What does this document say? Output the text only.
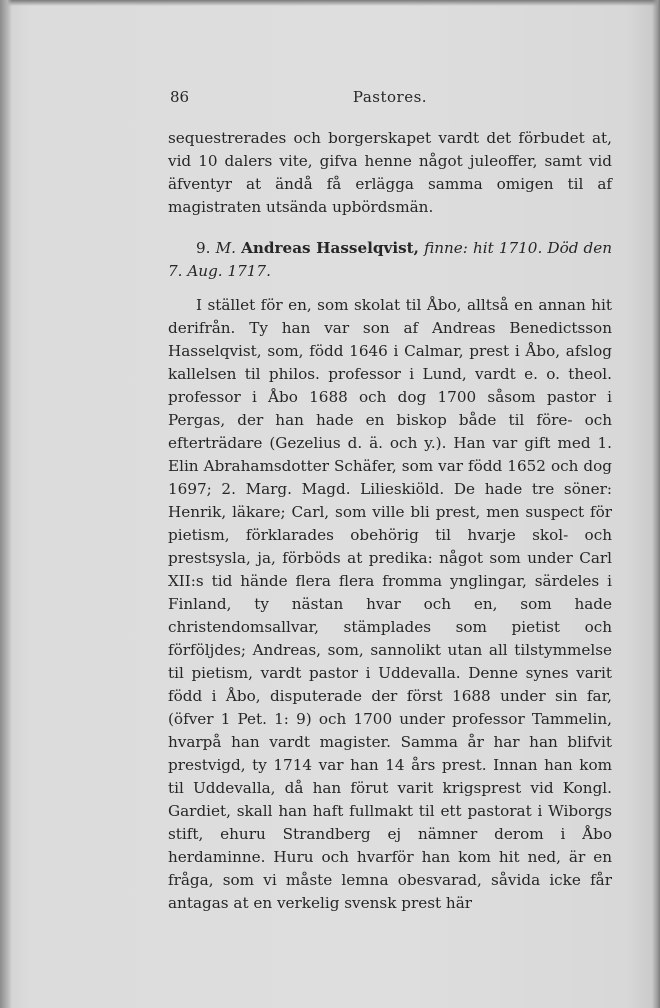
86	Pastores.

sequestrerades och borgerskapet vardt det förbudet at, vid 10 dalers vite, gifva henne något juleoffer, samt vid äfventyr at ändå få erlägga samma omigen til af magistraten utsända upbördsmän.

9. M. Andreas Hasselqvist, finne: hit 1710. Död den 7. Aug. 1717.

I stället för en, som skolat til Åbo, alltså en annan hit derifrån. Ty han var son af Andreas Benedictsson Hasselqvist, som, född 1646 i Calmar, prest i Åbo, afslog kallelsen til philos. professor i Lund, vardt e. o. theol. professor i Åbo 1688 och dog 1700 såsom pastor i Pergas, der han hade en biskop både til före- och efterträdare (Gezelius d. ä. och y.). Han var gift med 1. Elin Abrahamsdotter Schäfer, som var född 1652 och dog 1697; 2. Marg. Magd. Lilieskiöld. De hade tre söner: Henrik, läkare; Carl, som ville bli prest, men suspect för pietism, förklarades obehörig til hvarje skol- och prestsysla, ja, förböds at predika: något som under Carl XII:s tid hände flera flera fromma ynglingar, särdeles i Finland, ty nästan hvar och en, som hade christendomsallvar, stämplades som pietist och förföljdes; Andreas, som, sannolikt utan all tilstymmelse til pietism, vardt pastor i Uddevalla. Denne synes varit född i Åbo, disputerade der först 1688 under sin far, (öfver 1 Pet. 1: 9) och 1700 under professor Tammelin, hvarpå han vardt magister. Samma år har han blifvit prestvigd, ty 1714 var han 14 års prest. Innan han kom til Uddevalla, då han förut varit krigsprest vid Kongl. Gardiet, skall han haft fullmakt til ett pastorat i Wiborgs stift, ehuru Strandberg ej nämner derom i Åbo herdaminne. Huru och hvarför han kom hit ned, är en fråga, som vi måste lemna obesvarad, såvida icke får antagas at en verkelig svensk prest här
